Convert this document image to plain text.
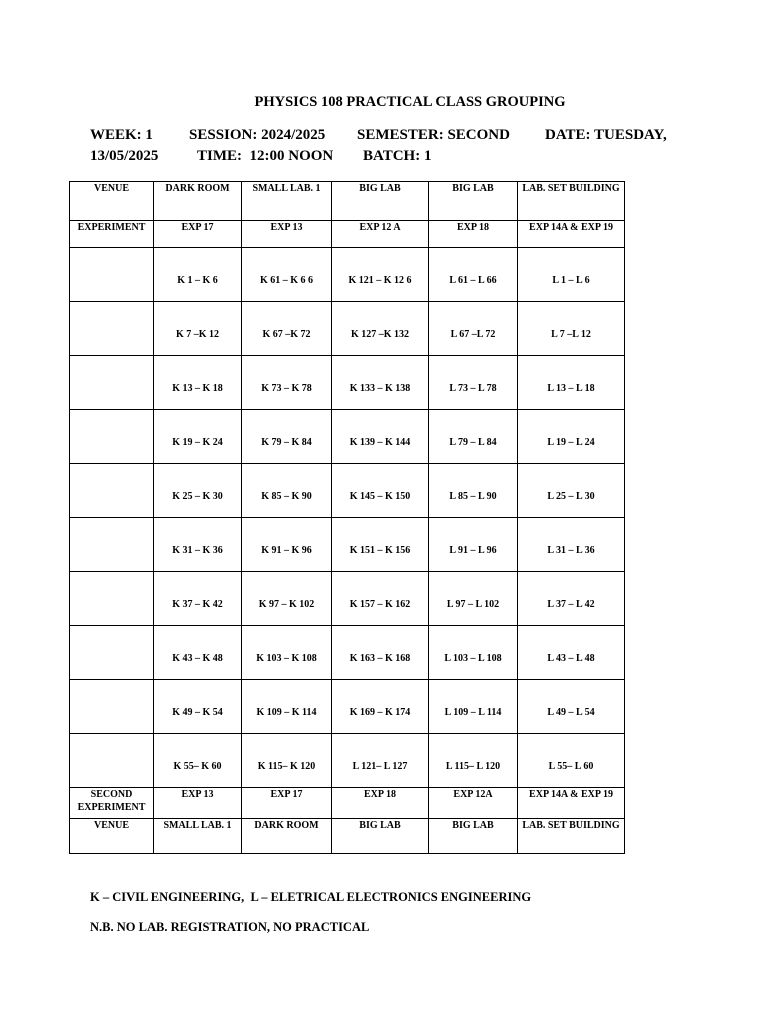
PHYSICS 108 PRACTICAL CLASS GROUPING

WEEK: 1

SESSION: 2024/2025

SEMESTER: SECOND

DATE: TUESDAY,

13/05/2025

	TIME:  12:00 NOON

BATCH: 1

VENUE	DARK ROOM	SMALL LAB. 1	BIG LAB	BIG LAB	LAB. SET BUILDING
EXPERIMENT	EXP 17	EXP 13	EXP 12 A	EXP 18	EXP 14A & EXP 19
	K 1 – K 6	K 61 – K 6 6	K 121 – K 12 6	L 61 – L 66	L 1 – L 6
	K 7 –K 12	K 67 –K 72	K 127 –K 132	L 67 –L 72	L 7 –L 12
	K 13 – K 18	K 73 – K 78	K 133 – K 138	L 73 – L 78	L 13 – L 18
	K 19 – K 24	K 79 – K 84	K 139 – K 144	L 79 – L 84	L 19 – L 24
	K 25 – K 30	K 85 – K 90	K 145 – K 150	L 85 – L 90	L 25 – L 30
	K 31 – K 36	K 91 – K 96	K 151 – K 156	L 91 – L 96	L 31 – L 36
	K 37 – K 42	K 97 – K 102	K 157 – K 162	L 97 – L 102	L 37 – L 42
	K 43 – K 48	K 103 – K 108	K 163 – K 168	L 103 – L 108	L 43 – L 48
	K 49 – K 54	K 109 – K 114	K 169 – K 174	L 109 – L 114	L 49 – L 54
	K 55– K 60	K 115– K 120	L 121– L 127	L 115– L 120	L 55– L 60
SECOND EXPERIMENT	EXP 13	EXP 17	EXP 18	EXP 12A	EXP 14A & EXP 19
VENUE	SMALL LAB. 1	DARK ROOM	BIG LAB	BIG LAB	LAB. SET BUILDING
K – CIVIL ENGINEERING,  L – ELETRICAL ELECTRONICS ENGINEERING
N.B. NO LAB. REGISTRATION, NO PRACTICAL
